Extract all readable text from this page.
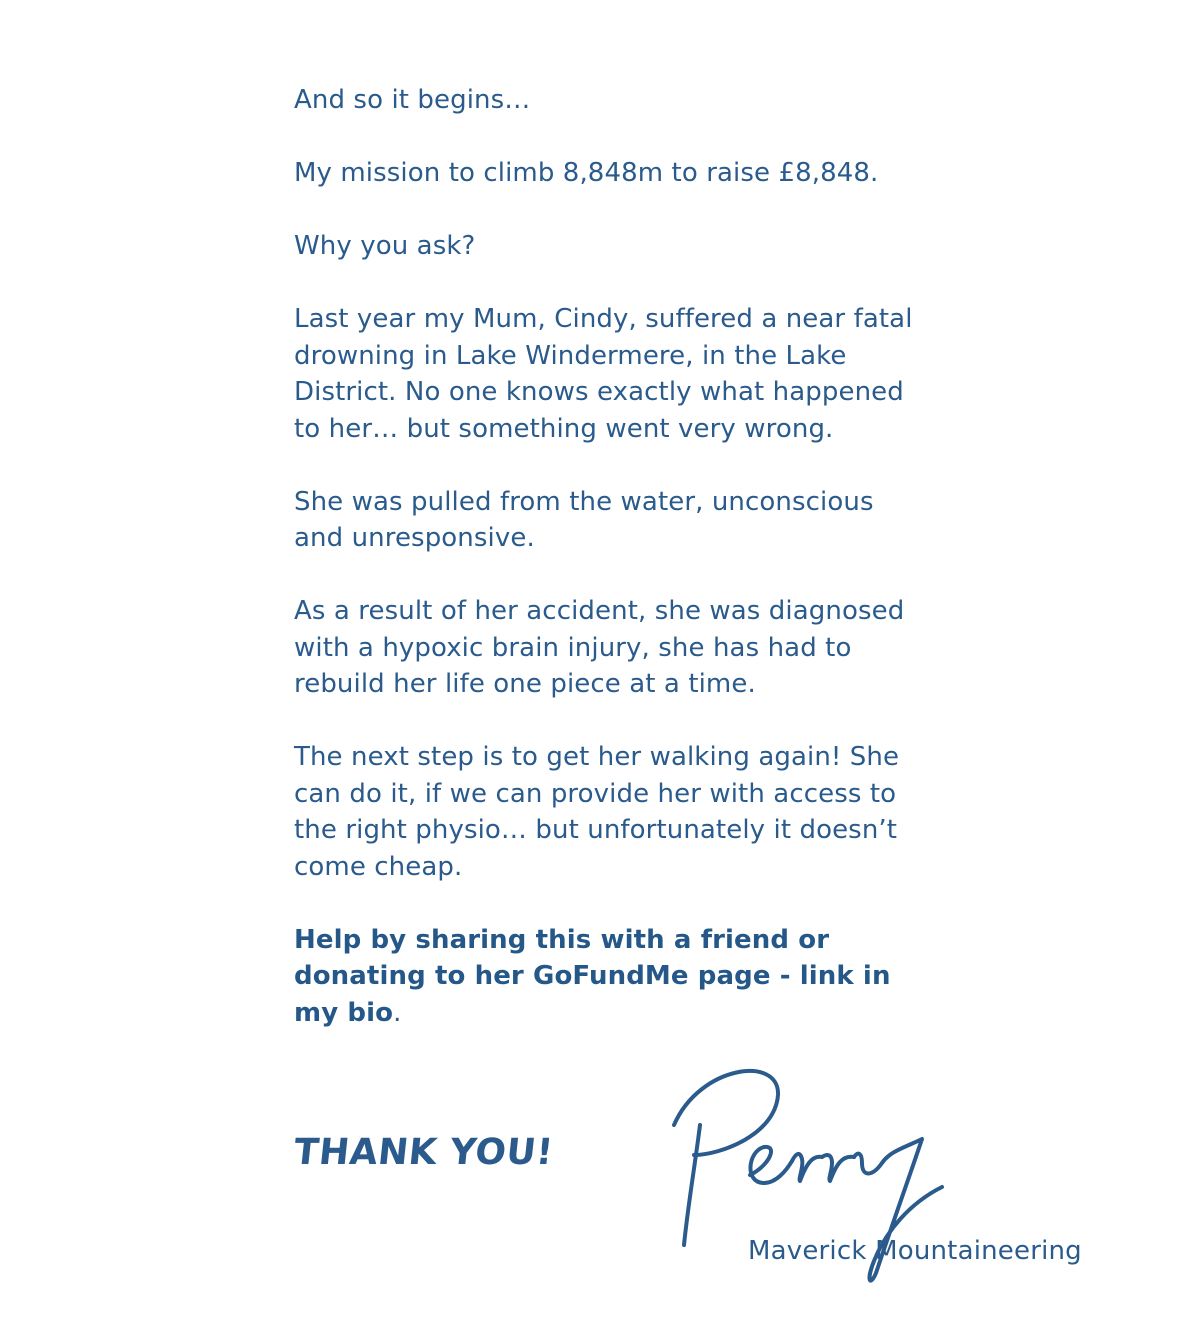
And so it begins…

My mission to climb 8,848m to raise £8,848.

Why you ask?

Last year my Mum, Cindy, suffered a near fatal drowning in Lake Windermere, in the Lake District. No one knows exactly what happened to her… but something went very wrong.

She was pulled from the water, unconscious and unresponsive.

As a result of her accident, she was diagnosed with a hypoxic brain injury, she has had to rebuild her life one piece at a time.

The next step is to get her walking again! She can do it, if we can provide her with access to the right physio… but unfortunately it doesn’t come cheap.

Help by sharing this with a friend or donating to her GoFundMe page - link in my bio.

THANK YOU!
Maverick Mountaineering
